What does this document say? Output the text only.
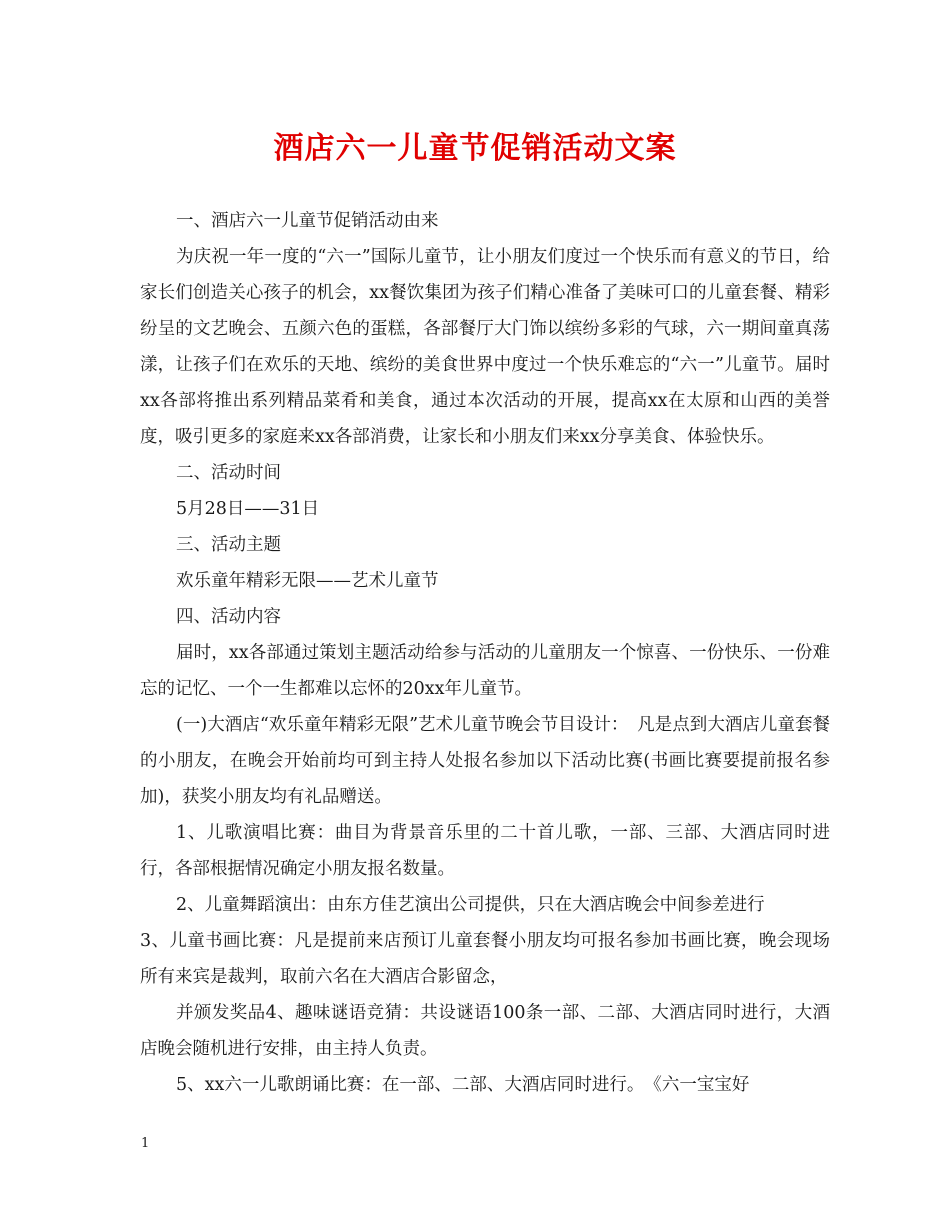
酒店六一儿童节促销活动文案

一、酒店六一儿童节促销活动由来

为庆祝一年一度的“六一”国际儿童节，让小朋友们度过一个快乐而有意义的节日，给家长们创造关心孩子的机会，xx餐饮集团为孩子们精心准备了美味可口的儿童套餐、精彩纷呈的文艺晚会、五颜六色的蛋糕，各部餐厅大门饰以缤纷多彩的气球，六一期间童真荡漾，让孩子们在欢乐的天地、缤纷的美食世界中度过一个快乐难忘的“六一”儿童节。届时xx各部将推出系列精品菜肴和美食，通过本次活动的开展，提高xx在太原和山西的美誉度，吸引更多的家庭来xx各部消费，让家长和小朋友们来xx分享美食、体验快乐。

二、活动时间

5月28日——31日

三、活动主题

欢乐童年精彩无限——艺术儿童节

四、活动内容

届时，xx各部通过策划主题活动给参与活动的儿童朋友一个惊喜、一份快乐、一份难忘的记忆、一个一生都难以忘怀的20xx年儿童节。

(一)大酒店“欢乐童年精彩无限”艺术儿童节晚会节目设计：　凡是点到大酒店儿童套餐的小朋友，在晚会开始前均可到主持人处报名参加以下活动比赛(书画比赛要提前报名参加)，获奖小朋友均有礼品赠送。

1、儿歌演唱比赛：曲目为背景音乐里的二十首儿歌，一部、三部、大酒店同时进行，各部根据情况确定小朋友报名数量。

2、儿童舞蹈演出：由东方佳艺演出公司提供，只在大酒店晚会中间参差进行

3、儿童书画比赛：凡是提前来店预订儿童套餐小朋友均可报名参加书画比赛，晚会现场所有来宾是裁判，取前六名在大酒店合影留念，

并颁发奖品4、趣味谜语竞猜：共设谜语100条一部、二部、大酒店同时进行，大酒店晚会随机进行安排，由主持人负责。

5、xx六一儿歌朗诵比赛：在一部、二部、大酒店同时进行。　《六一宝宝好

1
